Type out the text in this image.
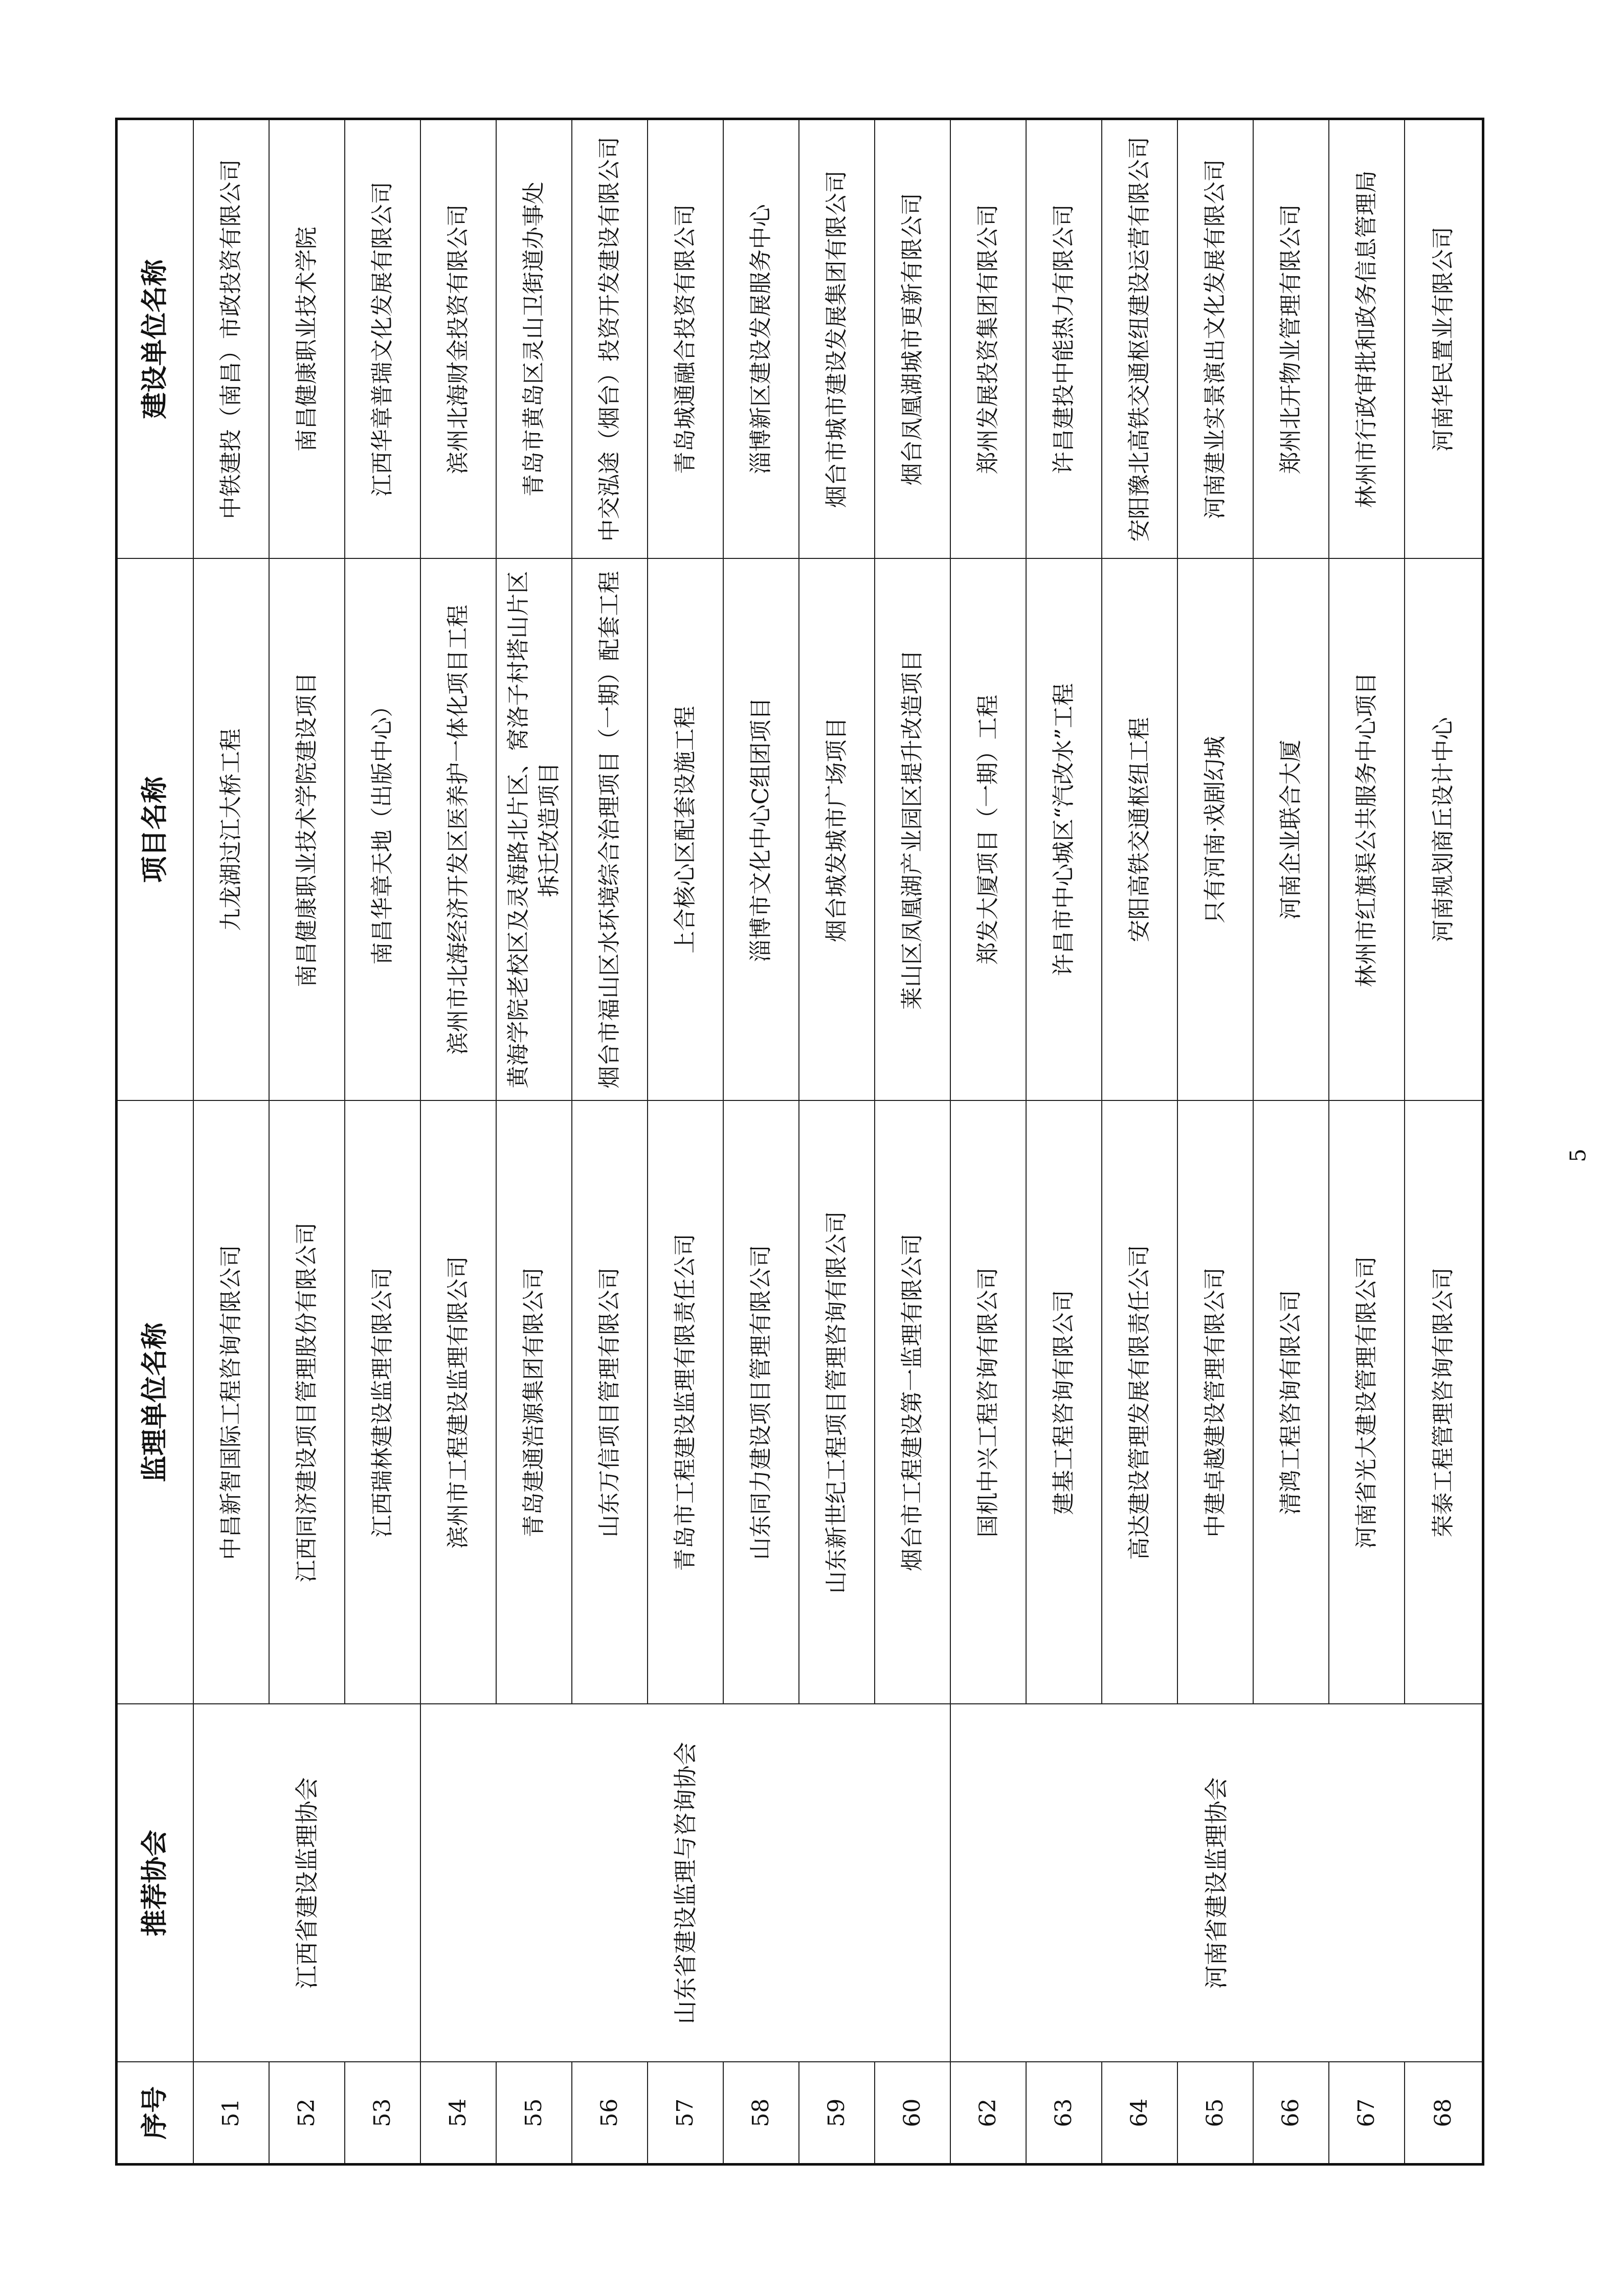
序号	推荐协会	监理单位名称	项目名称	建设单位名称
51	江西省建设监理协会	中昌新智国际工程咨询有限公司	九龙湖过江大桥工程	中铁建投（南昌）市政投资有限公司
52		江西同济建设项目管理股份有限公司	南昌健康职业技术学院建设项目	南昌健康职业技术学院
53		江西瑞林建设监理有限公司	南昌华章天地（出版中心）	江西华章普瑞文化发展有限公司
54	山东省建设监理与咨询协会	滨州市工程建设监理有限公司	滨州市北海经济开发区医养护一体化项目工程	滨州北海财金投资有限公司
55		青岛建通浩源集团有限公司	黄海学院老校区及灵海路北片区、窝洛子村塔山片区拆迁改造项目	青岛市黄岛区灵山卫街道办事处
56		山东万信项目管理有限公司	烟台市福山区水环境综合治理项目（一期）配套工程	中交泓途（烟台）投资开发建设有限公司
57		青岛市工程建设监理有限责任公司	上合核心区配套设施工程	青岛城通融合投资有限公司
58		山东同力建设项目管理有限公司	淄博市文化中心C组团项目	淄博新区建设发展服务中心
59		山东新世纪工程项目管理咨询有限公司	烟台城发城市广场项目	烟台市城市建设发展集团有限公司
60		烟台市工程建设第一监理有限公司	莱山区凤凰湖产业园区提升改造项目	烟台凤凰湖城市更新有限公司
62	河南省建设监理协会	国机中兴工程咨询有限公司	郑发大厦项目（一期）工程	郑州发展投资集团有限公司
63		建基工程咨询有限公司	许昌市中心城区“汽改水”工程	许昌建投中能热力有限公司
64		高达建设管理发展有限责任公司	安阳高铁交通枢纽工程	安阳豫北高铁交通枢纽建设运营有限公司
65		中建卓越建设管理有限公司	只有河南·戏剧幻城	河南建业实景演出文化发展有限公司
66		清鸿工程咨询有限公司	河南企业联合大厦	郑州北开物业管理有限公司
67		河南省光大建设管理有限公司	林州市红旗渠公共服务中心项目	林州市行政审批和政务信息管理局
68		荣泰工程管理咨询有限公司	河南规划商丘设计中心	河南华民置业有限公司
5
